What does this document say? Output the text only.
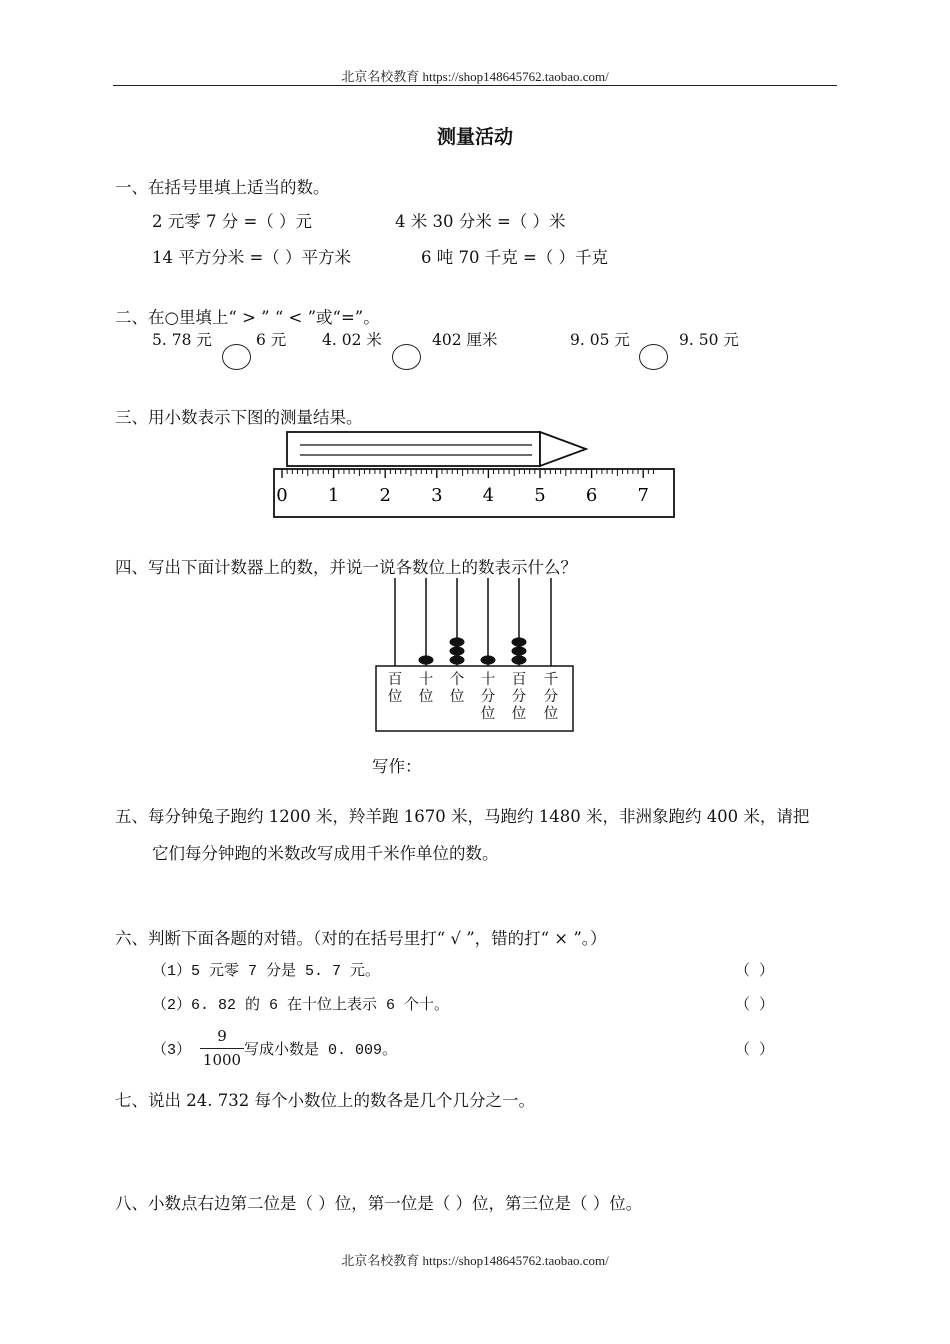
北京名校教育 https://shop148645762.taobao.com/
测量活动
一、在括号里填上适当的数。
2 元零 7 分 =（ ）元	4 米 30 分米 =（ ）米
14 平方分米 =（ ）平方米	6 吨 70 千克 =（ ）千克
二、在○里填上“ > ” “ < ”或“=”。
5. 78 元	6 元 4. 02 米	402 厘米	9. 05 元	9. 50 元
三、用小数表示下图的测量结果。
0 1 2 3 4 5 6 7
四、写出下面计数器上的数，并说一说各数位上的数表示什么？
百位
十位
个位
十分位
百分位
千分位
写作：
五、每分钟兔子跑约 1200 米，羚羊跑 1670 米，马跑约 1480 米，非洲象跑约 400 米，请把
它们每分钟跑的米数改写成用千米作单位的数。
六、判断下面各题的对错。（对的在括号里打“ √ ”，错的打“ × ”。）
（1）5 元零 7 分是 5. 7 元。	（ ）
（2）6. 82 的 6 在十位上表示 6 个十。	（ ）
（3）
9
1000
写成小数是 0. 009。	（ ）
七、说出 24. 732 每个小数位上的数各是几个几分之一。
八、小数点右边第二位是（ ）位，第一位是（ ）位，第三位是（ ）位。
北京名校教育 https://shop148645762.taobao.com/
